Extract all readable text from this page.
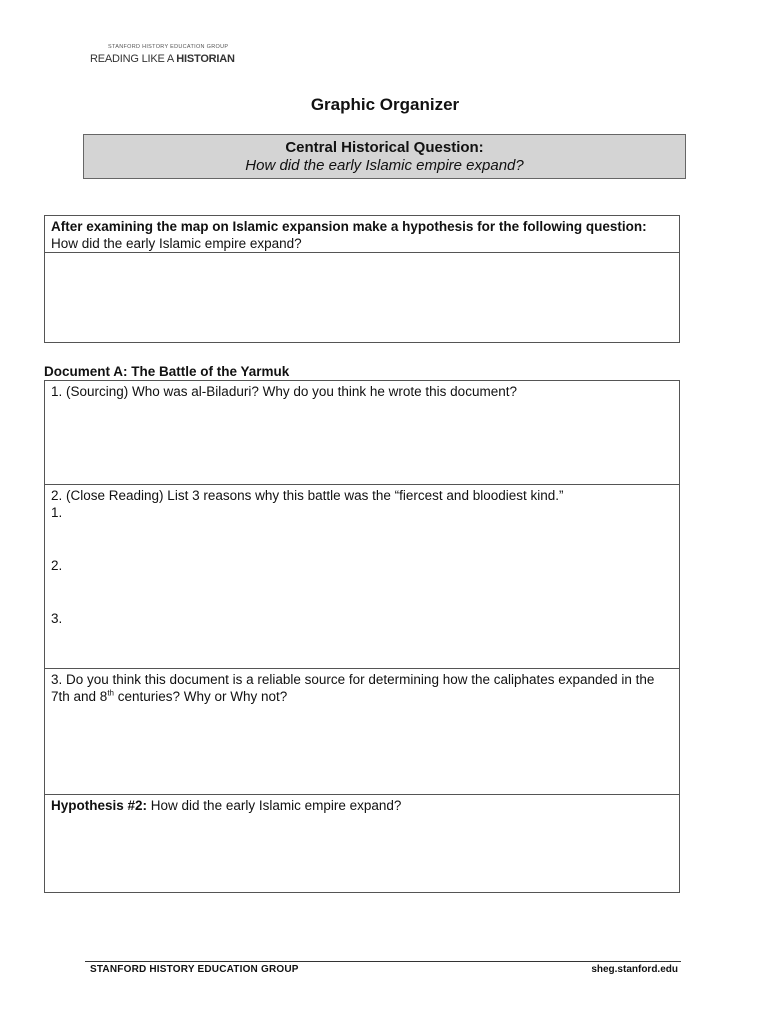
STANFORD HISTORY EDUCATION GROUP
READING LIKE A HISTORIAN
Graphic Organizer
Central Historical Question:
How did the early Islamic empire expand?
After examining the map on Islamic expansion make a hypothesis for the following question: How did the early Islamic empire expand?
Document A: The Battle of the Yarmuk
1. (Sourcing) Who was al-Biladuri? Why do you think he wrote this document?
2. (Close Reading) List 3 reasons why this battle was the “fiercest and bloodiest kind.”
1.
2.
3.
3. Do you think this document is a reliable source for determining how the caliphates expanded in the 7th and 8th centuries? Why or Why not?
Hypothesis #2: How did the early Islamic empire expand?
STANFORD HISTORY EDUCATION GROUP	sheg.stanford.edu
